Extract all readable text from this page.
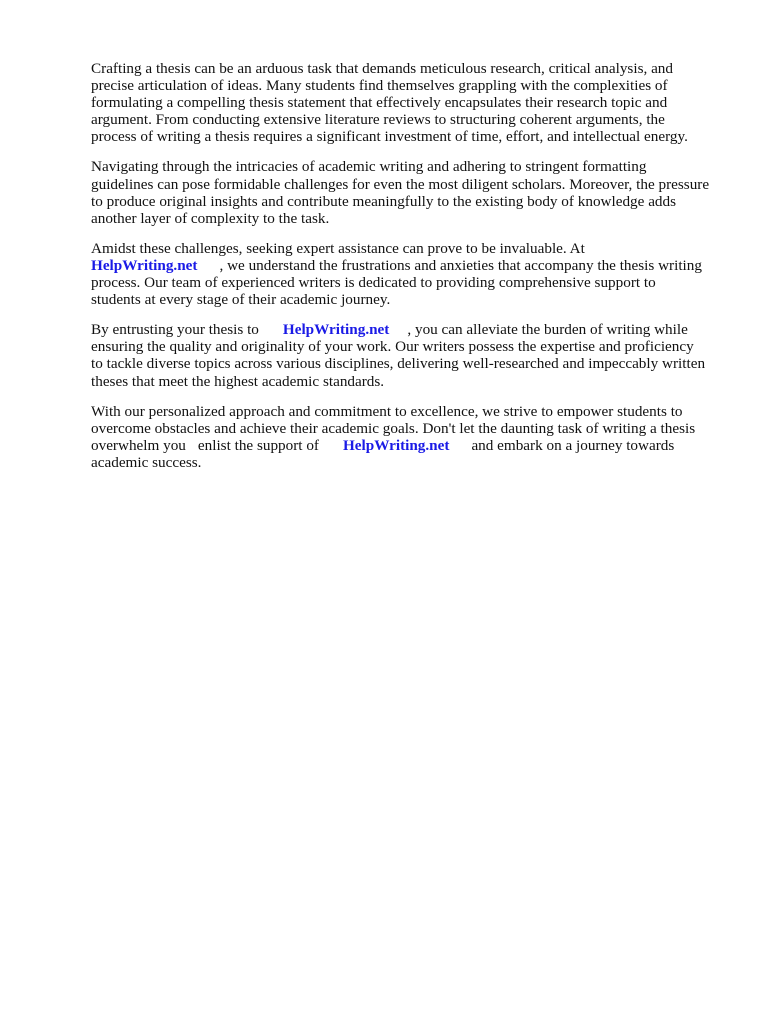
Crafting a thesis can be an arduous task that demands meticulous research, critical analysis, and
precise articulation of ideas. Many students find themselves grappling with the complexities of
formulating a compelling thesis statement that effectively encapsulates their research topic and
argument. From conducting extensive literature reviews to structuring coherent arguments, the
process of writing a thesis requires a significant investment of time, effort, and intellectual energy.

Navigating through the intricacies of academic writing and adhering to stringent formatting
guidelines can pose formidable challenges for even the most diligent scholars. Moreover, the pressure
to produce original insights and contribute meaningfully to the existing body of knowledge adds
another layer of complexity to the task.

Amidst these challenges, seeking expert assistance can prove to be invaluable. At
HelpWriting.net , we understand the frustrations and anxieties that accompany the thesis writing
process. Our team of experienced writers is dedicated to providing comprehensive support to
students at every stage of their academic journey.

By entrusting your thesis to HelpWriting.net , you can alleviate the burden of writing while
ensuring the quality and originality of your work. Our writers possess the expertise and proficiency
to tackle diverse topics across various disciplines, delivering well-researched and impeccably written
theses that meet the highest academic standards.

With our personalized approach and commitment to excellence, we strive to empower students to
overcome obstacles and achieve their academic goals. Don't let the daunting task of writing a thesis
overwhelm you enlist the support of HelpWriting.net and embark on a journey towards
academic success.
